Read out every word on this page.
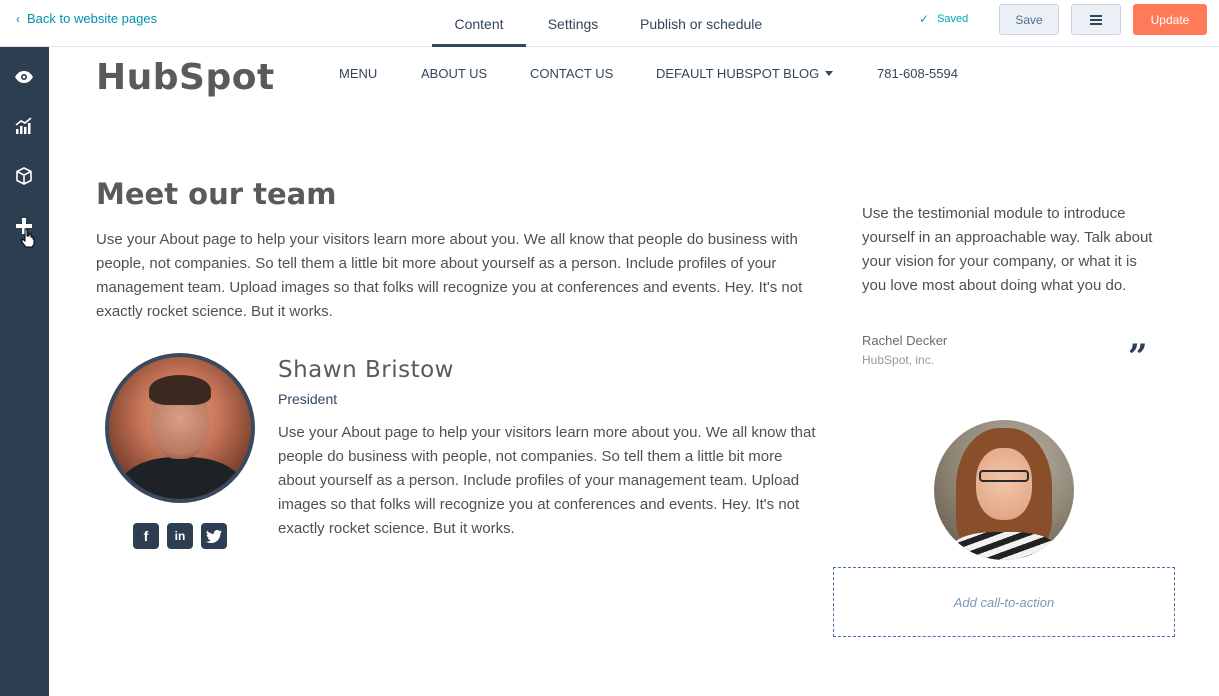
‹ Back to website pages	Content	Settings	Publish or schedule	✓ Saved	Save	Update
HubSpot	MENU	ABOUT US	CONTACT US	DEFAULT HUBSPOT BLOG	781-608-5594
Meet our team

Use your About page to help your visitors learn more about you. We all know that people do business with people, not companies. So tell them a little bit more about yourself as a person. Include profiles of your management team. Upload images so that folks will recognize you at conferences and events. Hey. It's not exactly rocket science. But it works.

f	in
Shawn Bristow
President

Use your About page to help your visitors learn more about you. We all know that people do business with people, not companies. So tell them a little bit more about yourself as a person. Include profiles of your management team. Upload images so that folks will recognize you at conferences and events. Hey. It's not exactly rocket science. But it works.

Use the testimonial module to introduce yourself in an approachable way. Talk about your vision for your company, or what it is you love most about doing what you do.

Rachel Decker
HubSpot, inc.	”
Add call-to-action
